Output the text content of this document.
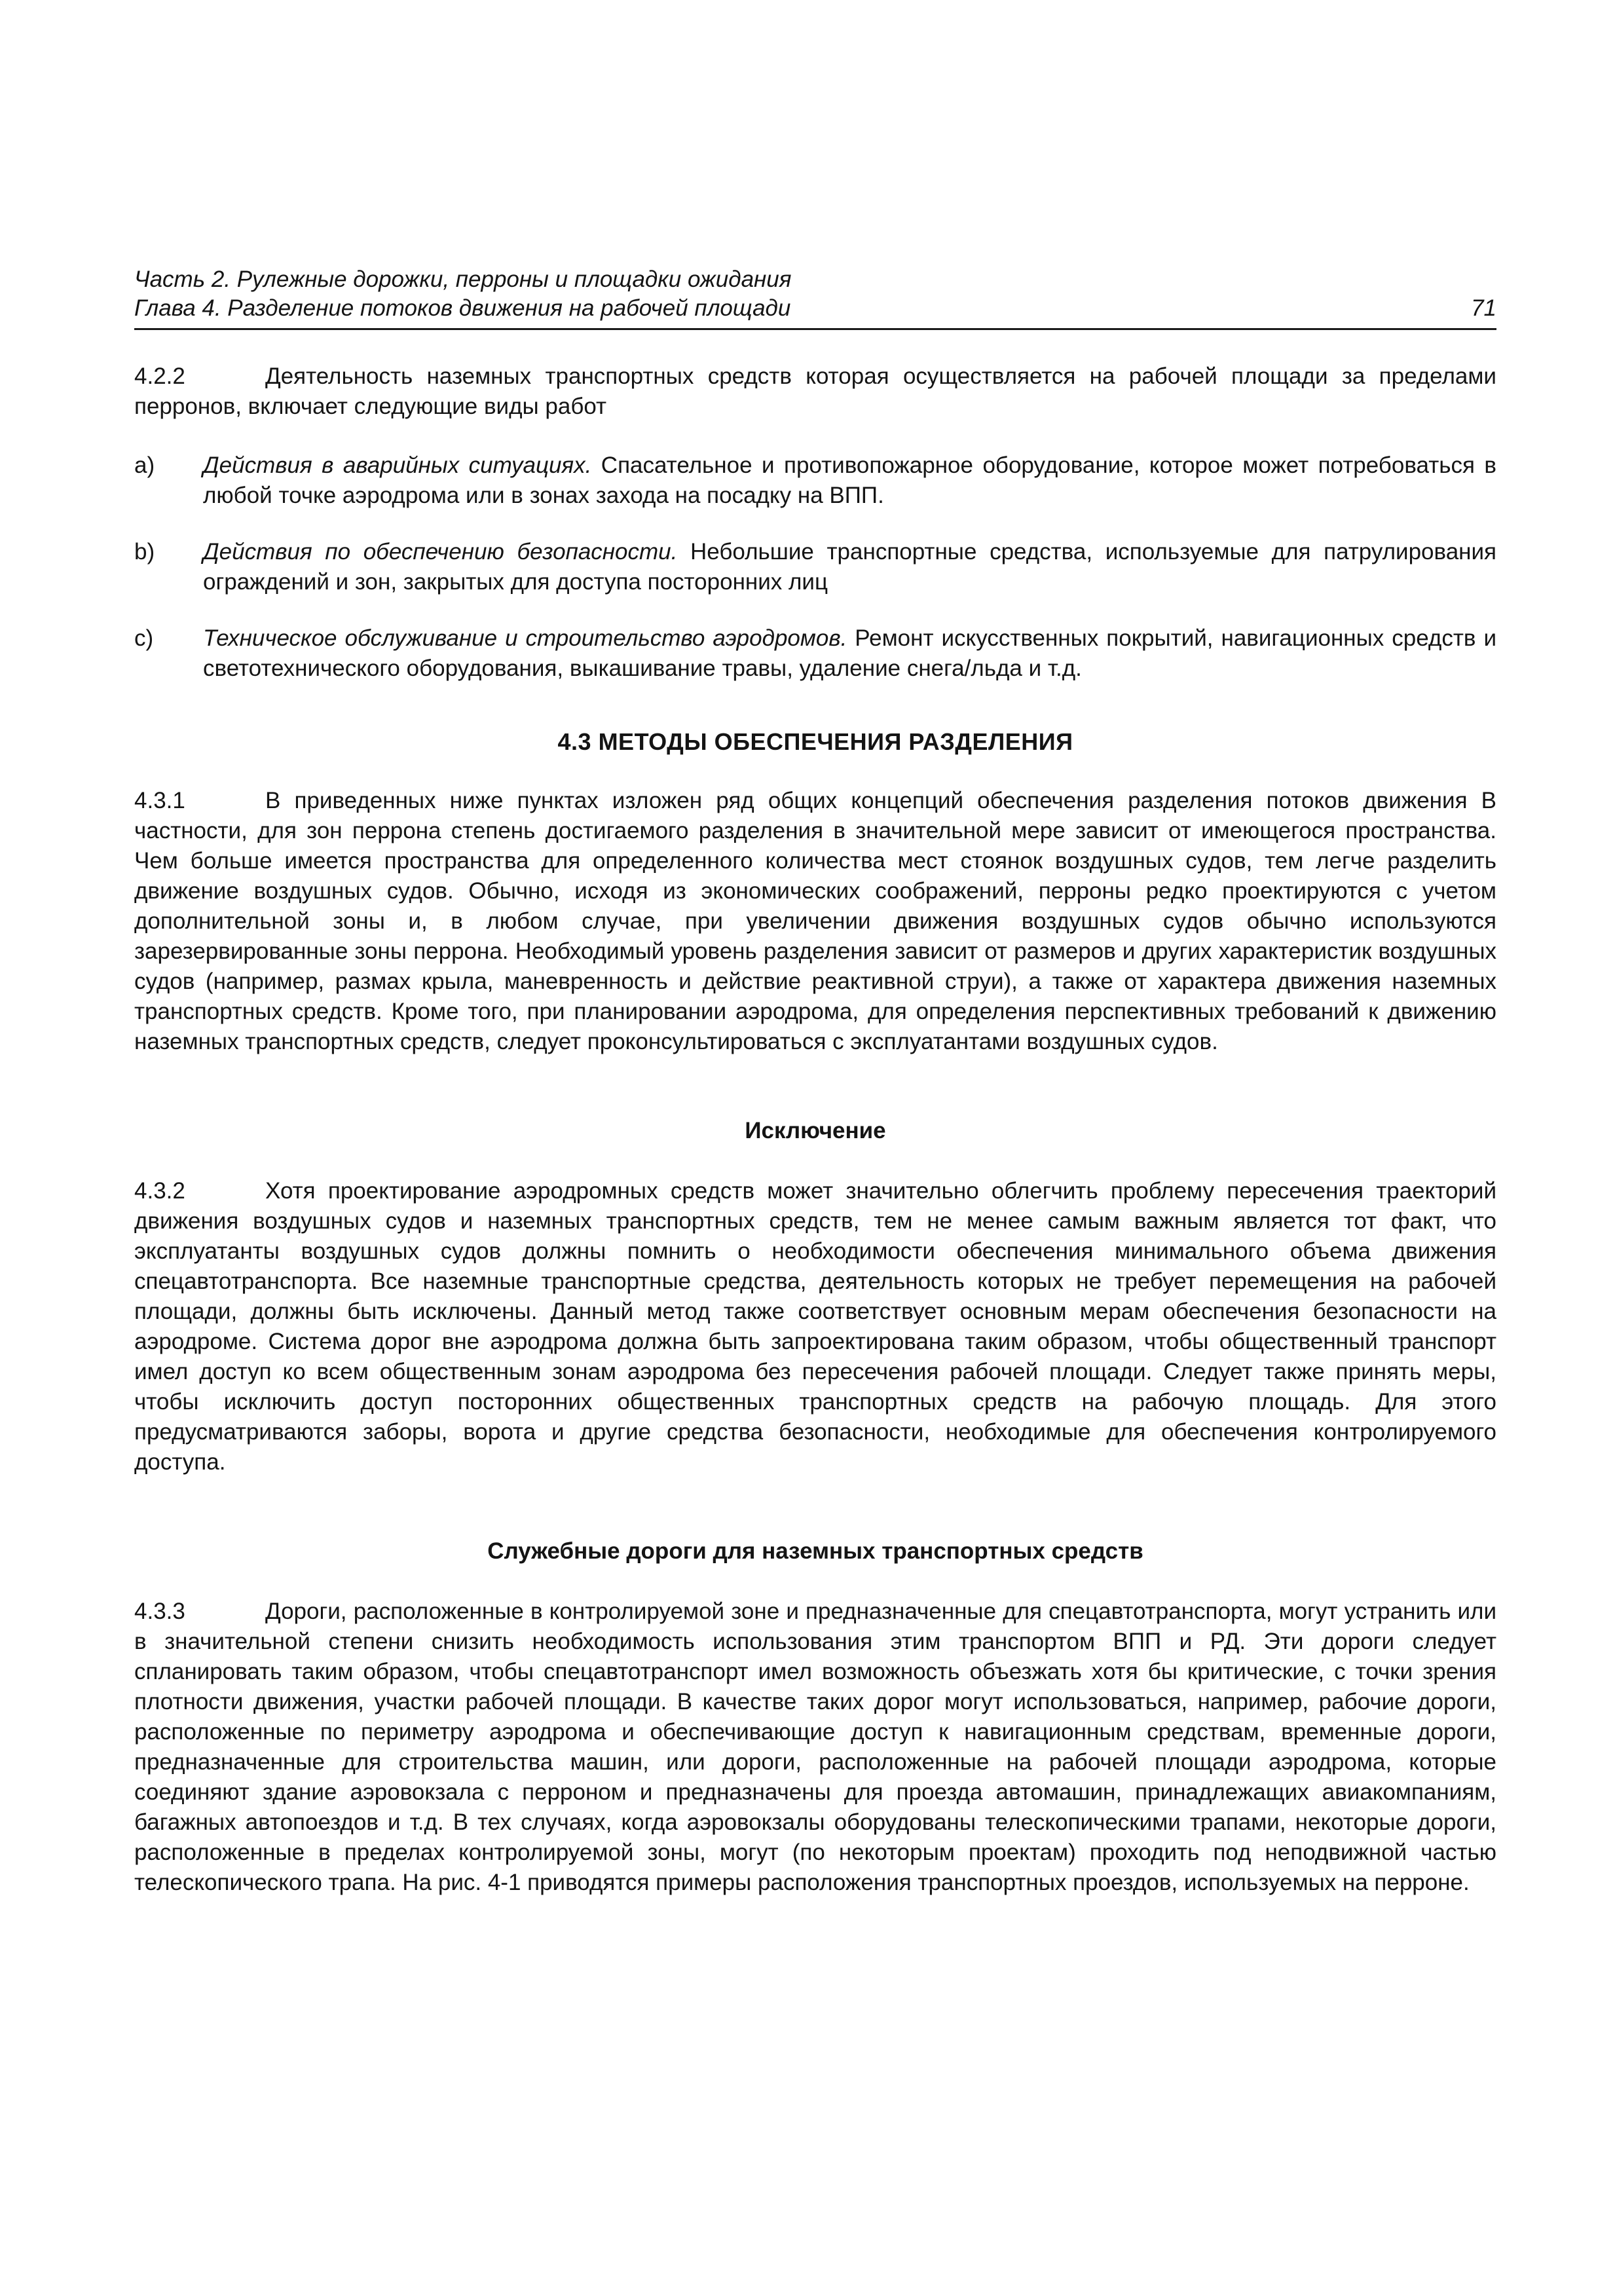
Часть 2. Рулежные дорожки, перроны и площадки ожидания
Глава 4. Разделение потоков движения на рабочей площади	71

4.2.2	Деятельность наземных транспортных средств которая осуществляется на рабочей площади за пределами перронов, включает следующие виды работ

a)	Действия в аварийных ситуациях. Спасательное и противопожарное оборудование, которое может потребоваться в любой точке аэродрома или в зонах захода на посадку на ВПП.
b)	Действия по обеспечению безопасности. Небольшие транспортные средства, используемые для патрулирования ограждений и зон, закрытых для доступа посторонних лиц
c)	Техническое обслуживание и строительство аэродромов. Ремонт искусственных покрытий, навигационных средств и светотехнического оборудования, выкашивание травы, удаление снега/льда и т.д.
4.3 МЕТОДЫ ОБЕСПЕЧЕНИЯ РАЗДЕЛЕНИЯ

4.3.1	В приведенных ниже пунктах изложен ряд общих концепций обеспечения разделения потоков движения В частности, для зон перрона степень достигаемого разделения в значительной мере зависит от имеющегося пространства. Чем больше имеется пространства для определенного количества мест стоянок воздушных судов, тем легче разделить движение воздушных судов. Обычно, исходя из экономических соображений, перроны редко проектируются с учетом дополнительной зоны и, в любом случае, при увеличении движения воздушных судов обычно используются зарезервированные зоны перрона. Необходимый уровень разделения зависит от размеров и других характеристик воздушных судов (например, размах крыла, маневренность и действие реактивной струи), а также от характера движения наземных транспортных средств. Кроме того, при планировании аэродрома, для определения перспективных требований к движению наземных транспортных средств, следует проконсультироваться с эксплуатантами воздушных судов.

Исключение

4.3.2	Хотя проектирование аэродромных средств может значительно облегчить проблему пересечения траекторий движения воздушных судов и наземных транспортных средств, тем не менее самым важным является тот факт, что эксплуатанты воздушных судов должны помнить о необходимости обеспечения минимального объема движения спецавтотранспорта. Все наземные транспортные средства, деятельность которых не требует перемещения на рабочей площади, должны быть исключены. Данный метод также соответствует основным мерам обеспечения безопасности на аэродроме. Система дорог вне аэродрома должна быть запроектирована таким образом, чтобы общественный транспорт имел доступ ко всем общественным зонам аэродрома без пересечения рабочей площади. Следует также принять меры, чтобы исключить доступ посторонних общественных транспортных средств на рабочую площадь. Для этого предусматриваются заборы, ворота и другие средства безопасности, необходимые для обеспечения контролируемого доступа.

Служебные дороги для наземных транспортных средств

4.3.3	Дороги, расположенные в контролируемой зоне и предназначенные для спецавтотранспорта, могут устранить или в значительной степени снизить необходимость использования этим транспортом ВПП и РД. Эти дороги следует спланировать таким образом, чтобы спецавтотранспорт имел возможность объезжать хотя бы критические, с точки зрения плотности движения, участки рабочей площади. В качестве таких дорог могут использоваться, например, рабочие дороги, расположенные по периметру аэродрома и обеспечивающие доступ к навигационным средствам, временные дороги, предназначенные для строительства машин, или дороги, расположенные на рабочей площади аэродрома, которые соединяют здание аэровокзала с перроном и предназначены для проезда автомашин, принадлежащих авиакомпаниям, багажных автопоездов и т.д. В тех случаях, когда аэровокзалы оборудованы телескопическими трапами, некоторые дороги, расположенные в пределах контролируемой зоны, могут (по некоторым проектам) проходить под неподвижной частью телескопического трапа. На рис. 4-1 приводятся примеры расположения транспортных проездов, используемых на перроне.
